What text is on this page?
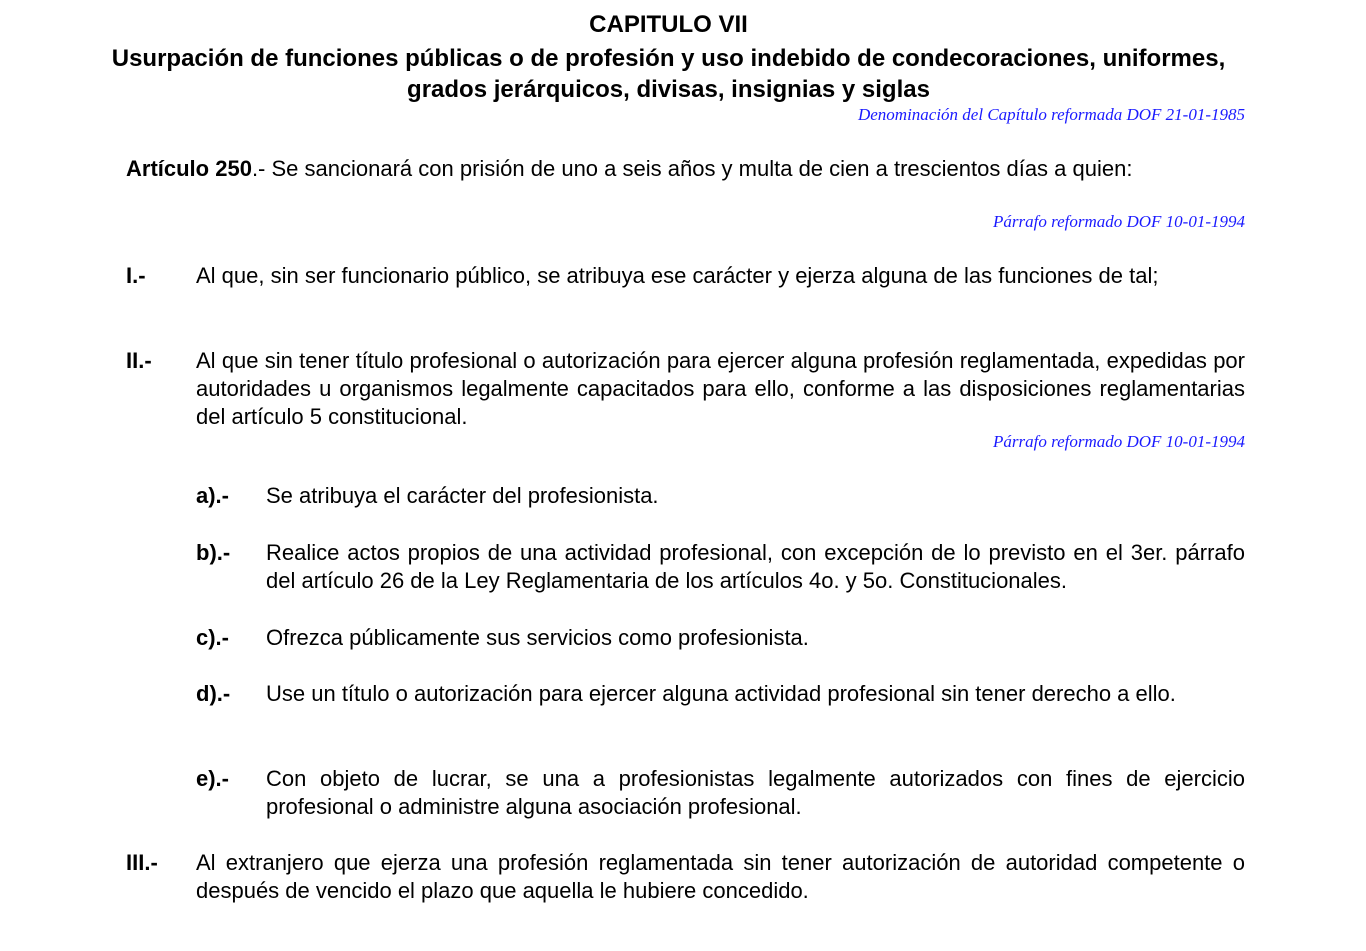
CAPITULO VII
Usurpación de funciones públicas o de profesión y uso indebido de condecoraciones, uniformes, grados jerárquicos, divisas, insignias y siglas
Denominación del Capítulo reformada DOF 21-01-1985
Artículo 250.- Se sancionará con prisión de uno a seis años y multa de cien a trescientos días a quien:
Párrafo reformado DOF 10-01-1994
I.- Al que, sin ser funcionario público, se atribuya ese carácter y ejerza alguna de las funciones de tal;
II.- Al que sin tener título profesional o autorización para ejercer alguna profesión reglamentada, expedidas por autoridades u organismos legalmente capacitados para ello, conforme a las disposiciones reglamentarias del artículo 5 constitucional.
Párrafo reformado DOF 10-01-1994
a).- Se atribuya el carácter del profesionista.
b).- Realice actos propios de una actividad profesional, con excepción de lo previsto en el 3er. párrafo del artículo 26 de la Ley Reglamentaria de los artículos 4o. y 5o. Constitucionales.
c).- Ofrezca públicamente sus servicios como profesionista.
d).- Use un título o autorización para ejercer alguna actividad profesional sin tener derecho a ello.
e).- Con objeto de lucrar, se una a profesionistas legalmente autorizados con fines de ejercicio profesional o administre alguna asociación profesional.
III.- Al extranjero que ejerza una profesión reglamentada sin tener autorización de autoridad competente o después de vencido el plazo que aquella le hubiere concedido.
